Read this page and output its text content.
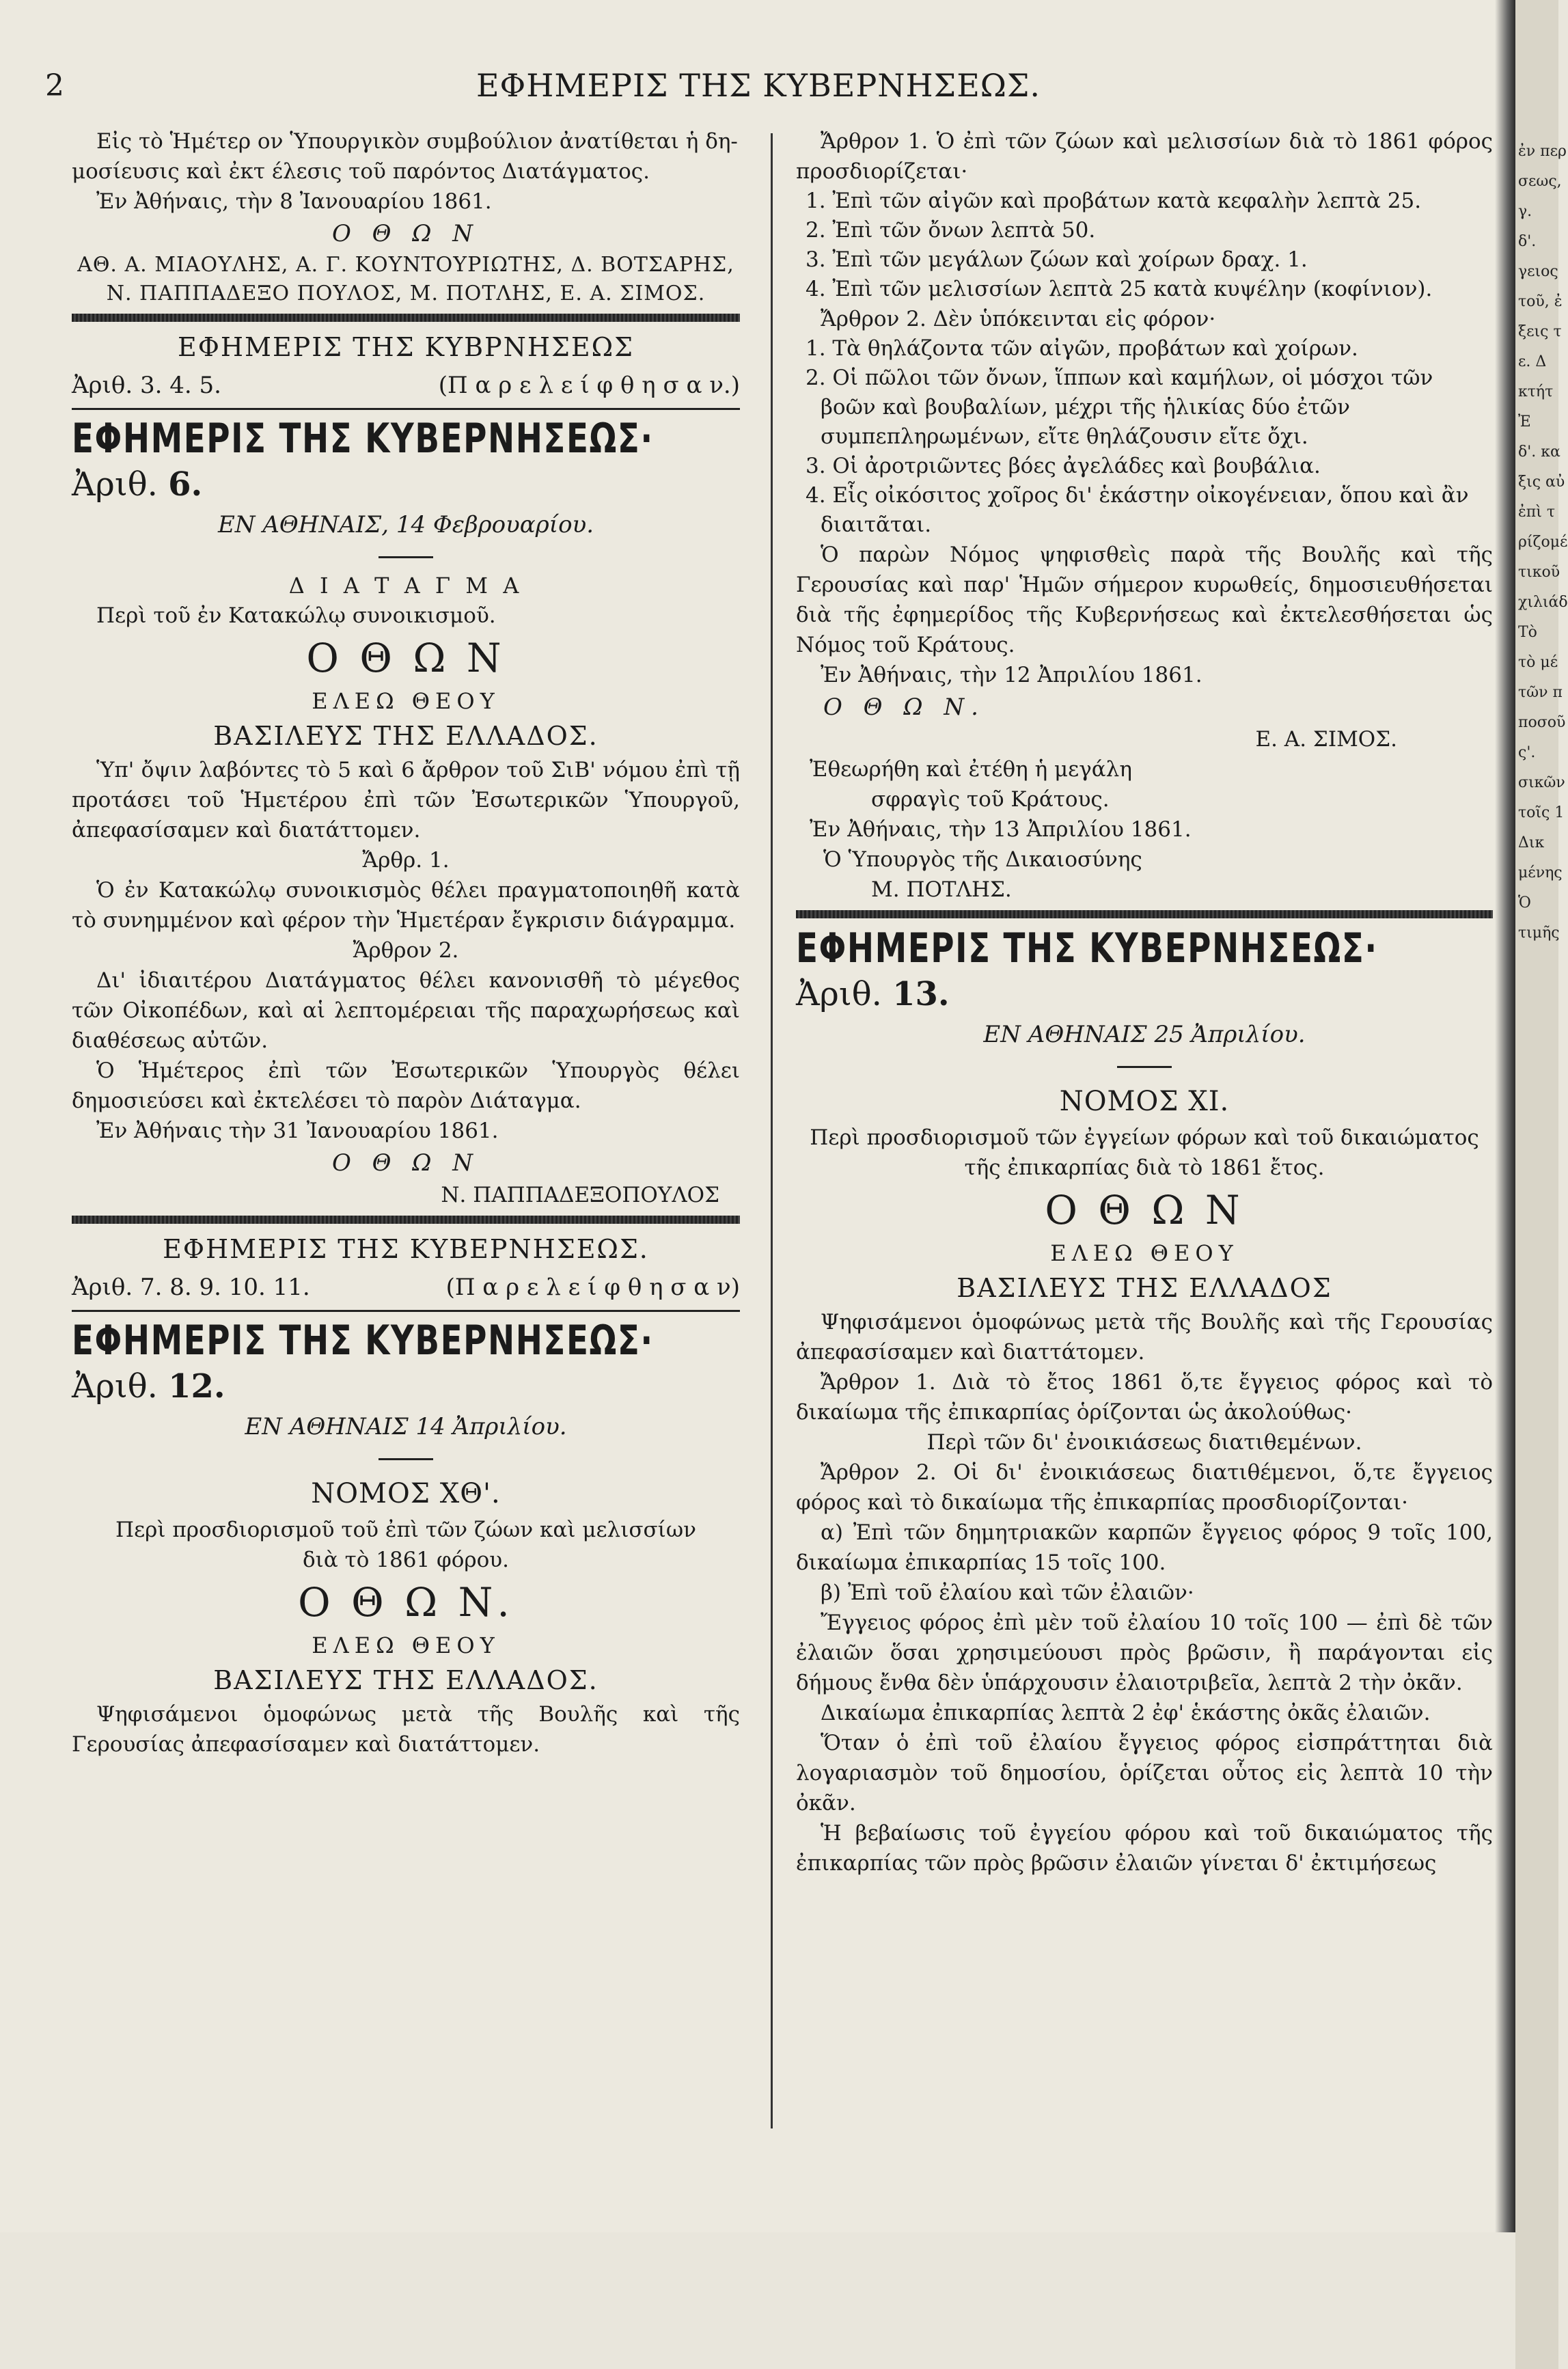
2	ΕΦΗΜΕΡΙΣ ΤΗΣ ΚΥΒΕΡΝΗΣΕΩΣ.

Εἰς τὸ Ἡμέτερ ον Ὑπουργικὸν συμβούλιον ἀνατίθεται ἡ δη-

μοσίευσις καὶ ἐκτ έλεσις τοῦ παρόντος Διατάγματος.

Ἐν Ἀθήναις, τὴν 8 Ἰανουαρίου 1861.

Ο Θ Ω Ν

ΑΘ. Α. ΜΙΑΟΥΛΗΣ, Α. Γ. ΚΟΥΝΤΟΥΡΙΩΤΗΣ, Δ. ΒΟΤΣΑΡΗΣ,

Ν. ΠΑΠΠΑΔΕΞΟ ΠΟΥΛΟΣ, Μ. ΠΟΤΛΗΣ, Ε. Α. ΣΙΜΟΣ.

ΕΦΗΜΕΡΙΣ ΤΗΣ ΚΥΒΡΝΗΣΕΩΣ

Ἀριθ. 3. 4. 5.	(Π α ρ ε λ ε ί φ θ η σ α ν.)
ΕΦΗΜΕΡΙΣ ΤΗΣ ΚΥΒΕΡΝΗΣΕΩΣ·

Ἀριθ. 6.

ΕΝ ΑΘΗΝΑΙΣ, 14 Φεβρουαρίου.

Δ Ι Α Τ Α Γ Μ Α

Περὶ τοῦ ἐν Κατακώλῳ συνοικισμοῦ.

Ο Θ Ω Ν

ΕΛΕΩ ΘΕΟΥ

ΒΑΣΙΛΕΥΣ ΤΗΣ ΕΛΛΑΔΟΣ.

Ὑπ' ὄψιν λαβόντες τὸ 5 καὶ 6 ἄρθρον τοῦ ΣιΒ' νόμου ἐπὶ τῇ προτάσει τοῦ Ἡμετέρου ἐπὶ τῶν Ἐσωτερικῶν Ὑπουργοῦ, ἀπεφασίσαμεν καὶ διατάττομεν.

Ἄρθρ. 1.

Ὁ ἐν Κατακώλῳ συνοικισμὸς θέλει πραγματοποιηθῆ κατὰ τὸ συνημμένον καὶ φέρον τὴν Ἡμετέραν ἔγκρισιν διάγραμμα.

Ἄρθρον 2.

Δι' ἰδιαιτέρου Διατάγματος θέλει κανονισθῆ τὸ μέγεθος τῶν Οἰκοπέδων, καὶ αἱ λεπτομέρειαι τῆς παραχωρήσεως καὶ διαθέσεως αὐτῶν.

Ὁ Ἡμέτερος ἐπὶ τῶν Ἐσωτερικῶν Ὑπουργὸς θέλει δημοσιεύσει καὶ ἐκτελέσει τὸ παρὸν Διάταγμα.

Ἐν Ἀθήναις τὴν 31 Ἰανουαρίου 1861.

Ο Θ Ω Ν

Ν. ΠΑΠΠΑΔΕΞΟΠΟΥΛΟΣ

ΕΦΗΜΕΡΙΣ ΤΗΣ ΚΥΒΕΡΝΗΣΕΩΣ.

Ἀριθ. 7. 8. 9. 10. 11.	(Π α ρ ε λ ε ί φ θ η σ α ν)
ΕΦΗΜΕΡΙΣ ΤΗΣ ΚΥΒΕΡΝΗΣΕΩΣ·

Ἀριθ. 12.

ΕΝ ΑΘΗΝΑΙΣ 14 Ἀπριλίου.

ΝΟΜΟΣ ΧΘ'.

Περὶ προσδιορισμοῦ τοῦ ἐπὶ τῶν ζώων καὶ μελισσίων

διὰ τὸ 1861 φόρου.

Ο Θ Ω Ν.

ΕΛΕΩ ΘΕΟΥ

ΒΑΣΙΛΕΥΣ ΤΗΣ ΕΛΛΑΔΟΣ.

Ψηφισάμενοι ὁμοφώνως μετὰ τῆς Βουλῆς καὶ τῆς Γερουσίας ἀπεφασίσαμεν καὶ διατάττομεν.

Ἄρθρον 1. Ὁ ἐπὶ τῶν ζώων καὶ μελισσίων διὰ τὸ 1861 φόρος προσδιορίζεται·

1. Ἐπὶ τῶν αἰγῶν καὶ προβάτων κατὰ κεφαλὴν λεπτὰ 25.

2. Ἐπὶ τῶν ὄνων λεπτὰ 50.

3. Ἐπὶ τῶν μεγάλων ζώων καὶ χοίρων δραχ. 1.

4. Ἐπὶ τῶν μελισσίων λεπτὰ 25 κατὰ κυψέλην (κοφίνιον).

Ἄρθρον 2. Δὲν ὑπόκεινται εἰς φόρον·

1. Τὰ θηλάζοντα τῶν αἰγῶν, προβάτων καὶ χοίρων.

2. Οἱ πῶλοι τῶν ὄνων, ἵππων καὶ καμήλων, οἱ μόσχοι τῶν βοῶν καὶ βουβαλίων, μέχρι τῆς ἡλικίας δύο ἐτῶν συμπεπληρωμένων, εἴτε θηλάζουσιν εἴτε ὄχι.

3. Οἱ ἀροτριῶντες βόες ἀγελάδες καὶ βουβάλια.

4. Εἷς οἰκόσιτος χοῖρος δι' ἑκάστην οἰκογένειαν, ὅπου καὶ ἂν διαιτᾶται.

Ὁ παρὼν Νόμος ψηφισθεὶς παρὰ τῆς Βουλῆς καὶ τῆς Γερουσίας καὶ παρ' Ἡμῶν σήμερον κυρωθείς, δημοσιευθήσεται διὰ τῆς ἐφημερίδος τῆς Κυβερνήσεως καὶ ἐκτελεσθήσεται ὡς Νόμος τοῦ Κράτους.

Ἐν Ἀθήναις, τὴν 12 Ἀπριλίου 1861.

Ο Θ Ω Ν.

Ε. Α. ΣΙΜΟΣ.

Ἐθεωρήθη καὶ ἐτέθη ἡ μεγάλη

σφραγὶς τοῦ Κράτους.

Ἐν Ἀθήναις, τὴν 13 Ἀπριλίου 1861.

Ὁ Ὑπουργὸς τῆς Δικαιοσύνης

Μ. ΠΟΤΛΗΣ.

ΕΦΗΜΕΡΙΣ ΤΗΣ ΚΥΒΕΡΝΗΣΕΩΣ·

Ἀριθ. 13.

ΕΝ ΑΘΗΝΑΙΣ 25 Ἀπριλίου.

ΝΟΜΟΣ ΧΙ.

Περὶ προσδιορισμοῦ τῶν ἐγγείων φόρων καὶ τοῦ δικαιώματος

τῆς ἐπικαρπίας διὰ τὸ 1861 ἔτος.

Ο Θ Ω Ν

ΕΛΕΩ ΘΕΟΥ

ΒΑΣΙΛΕΥΣ ΤΗΣ ΕΛΛΑΔΟΣ

Ψηφισάμενοι ὁμοφώνως μετὰ τῆς Βουλῆς καὶ τῆς Γερουσίας ἀπεφασίσαμεν καὶ διαττάτομεν.

Ἄρθρον 1. Διὰ τὸ ἔτος 1861 ὅ,τε ἔγγειος φόρος καὶ τὸ δικαίωμα τῆς ἐπικαρπίας ὁρίζονται ὡς ἀκολούθως·

Περὶ τῶν δι' ἐνοικιάσεως διατιθεμένων.

Ἄρθρον 2. Οἱ δι' ἐνοικιάσεως διατιθέμενοι, ὅ,τε ἔγγειος φόρος καὶ τὸ δικαίωμα τῆς ἐπικαρπίας προσδιορίζονται·

α) Ἐπὶ τῶν δημητριακῶν καρπῶν ἔγγειος φόρος 9 τοῖς 100, δικαίωμα ἐπικαρπίας 15 τοῖς 100.

β) Ἐπὶ τοῦ ἐλαίου καὶ τῶν ἐλαιῶν·

Ἔγγειος φόρος ἐπὶ μὲν τοῦ ἐλαίου 10 τοῖς 100 — ἐπὶ δὲ τῶν ἐλαιῶν ὅσαι χρησιμεύουσι πρὸς βρῶσιν, ἢ παράγονται εἰς δήμους ἔνθα δὲν ὑπάρχουσιν ἐλαιοτριβεῖα, λεπτὰ 2 τὴν ὀκᾶν.

Δικαίωμα ἐπικαρπίας λεπτὰ 2 ἐφ' ἑκάστης ὀκᾶς ἐλαιῶν.

Ὅταν ὁ ἐπὶ τοῦ ἐλαίου ἔγγειος φόρος εἰσπράττηται διὰ λογαριασμὸν τοῦ δημοσίου, ὁρίζεται οὗτος εἰς λεπτὰ 10 τὴν ὀκᾶν.

Ἡ βεβαίωσις τοῦ ἐγγείου φόρου καὶ τοῦ δικαιώματος τῆς ἐπικαρπίας τῶν πρὸς βρῶσιν ἐλαιῶν γίνεται δ' ἐκτιμήσεως

ἐν περ
σεως,
γ.
δ'.
γειος
τοῦ, ἐ
ξεις τ
ε. Δ
κτήτ
Ἐ
δ'. κα
ξις αὐ
ἐπὶ τ
ρίζομέ
τικοῦ
χιλιάδ
Τὸ
τὸ μέ
τῶν π
ποσοῦ
ς'.
σικῶν
τοῖς 1
Δικ
μένης
Ὁ
τιμῆς
